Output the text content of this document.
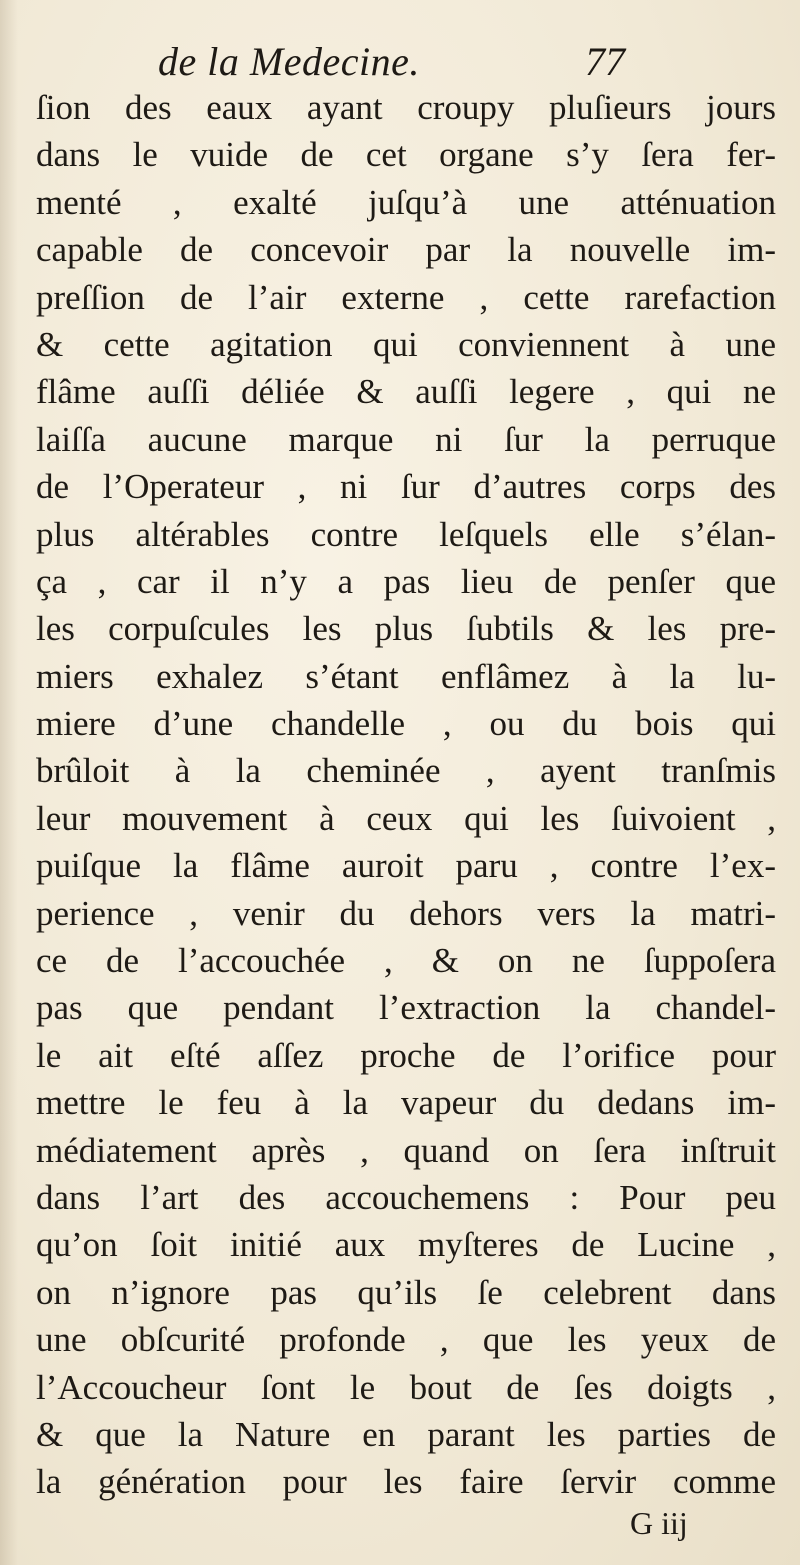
de la Medecine.	77
ſion des eaux ayant croupy pluſieurs jours
dans le vuide de cet organe s’y ſera fer-
menté , exalté juſqu’à une atténuation
capable de concevoir par la nouvelle im-
preſſion de l’air externe , cette rarefaction
& cette agitation qui conviennent à une
flâme auſſi déliée & auſſi legere , qui ne
laiſſa aucune marque ni ſur la perruque
de l’Operateur , ni ſur d’autres corps des
plus altérables contre leſquels elle s’élan-
ça , car il n’y a pas lieu de penſer que
les corpuſcules les plus ſubtils & les pre-
miers exhalez s’étant enflâmez à la lu-
miere d’une chandelle , ou du bois qui
brûloit à la cheminée , ayent tranſmis
leur mouvement à ceux qui les ſuivoient ,
puiſque la flâme auroit paru , contre l’ex-
perience , venir du dehors vers la matri-
ce de l’accouchée , & on ne ſuppoſera
pas que pendant l’extraction la chandel-
le ait eſté aſſez proche de l’orifice pour
mettre le feu à la vapeur du dedans im-
médiatement après , quand on ſera inſtruit
dans l’art des accouchemens : Pour peu
qu’on ſoit initié aux myſteres de Lucine ,
on n’ignore pas qu’ils ſe celebrent dans
une obſcurité profonde , que les yeux de
l’Accoucheur ſont le bout de ſes doigts ,
& que la Nature en parant les parties de
la génération pour les faire ſervir comme
G iij
